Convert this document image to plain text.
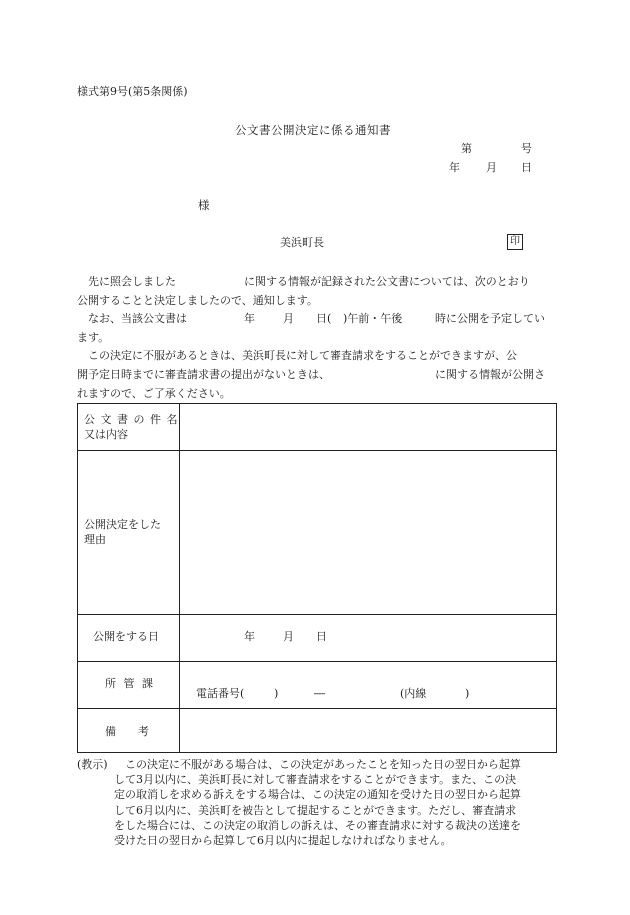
様式第9号(第5条関係)
公文書公開決定に係る通知書
第	号
年 月 日
様
美浜町長	印
先に照会しました	に関する情報が記録された公文書については、次のとおり
公開することと決定しましたので、通知します。
なお、当該公文書は	年	月 日( )午前・午後	時に公開を予定してい
ます。
この決定に不服があるときは、美浜町長に対して審査請求をすることができますが、公
開予定日時までに審査請求書の提出がないときは、	に関する情報が公開さ
れますので、ご了承ください。
公 文 書 の 件 名
又は内容
公開決定をした
理由
公開をする日	年	月 日
所 管 課
電話番号(	)	―	(内線	)
備　　考
(教示) この決定に不服がある場合は、この決定があったことを知った日の翌日から起算
して3月以内に、美浜町長に対して審査請求をすることができます。また、この決
定の取消しを求める訴えをする場合は、この決定の通知を受けた日の翌日から起算
して6月以内に、美浜町を被告として提起することができます。ただし、審査請求
をした場合には、この決定の取消しの訴えは、その審査請求に対する裁決の送達を
受けた日の翌日から起算して6月以内に提起しなければなりません。
